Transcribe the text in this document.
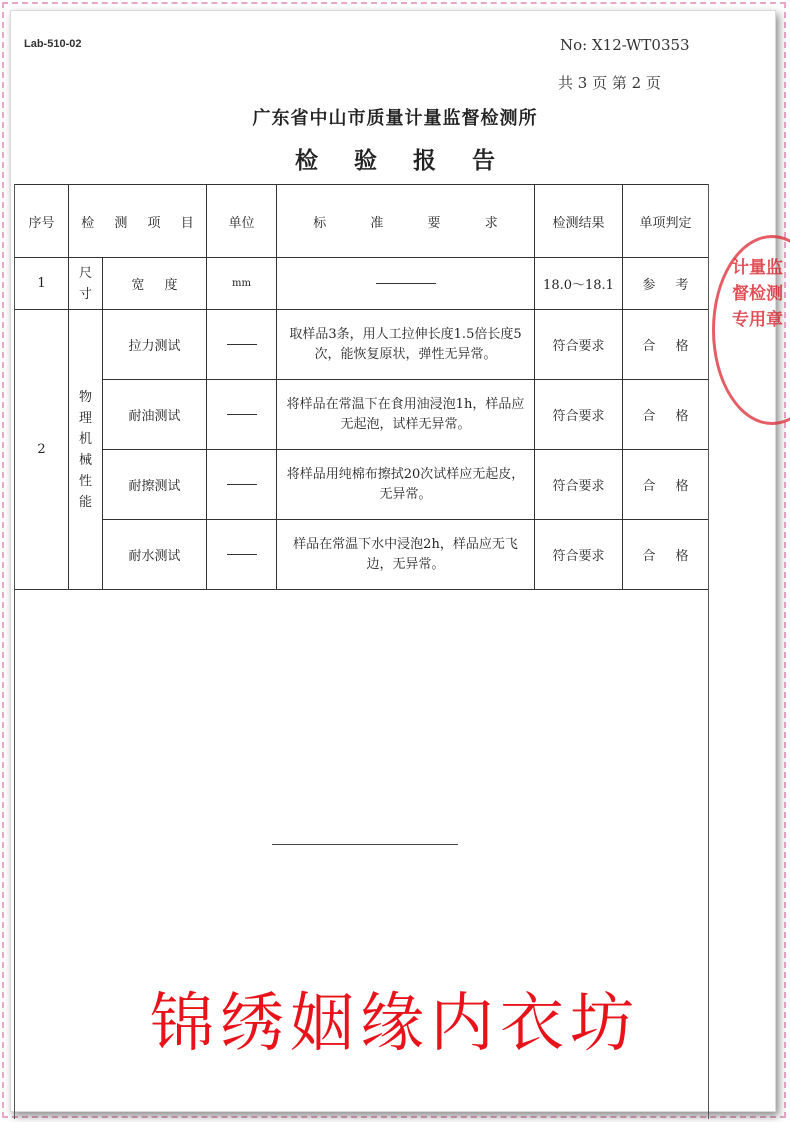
Lab-510-02	No: X12-WT0353
共 3 页 第 2 页
广东省中山市质量计量监督检测所
检 验 报 告
计量监督检测专用章
序号	检 测 项 目		单位	标 准 要 求	检测结果	单项判定
1	尺寸	宽 度	mm		18.0～18.1	参 考
2	物理机械性能	拉力测试		取样品3条，用人工拉伸长度1.5倍长度5次，能恢复原状，弹性无异常。	符合要求	合 格
		耐油测试		将样品在常温下在食用油浸泡1h，样品应无起泡，试样无异常。	符合要求	合 格
		耐擦测试		将样品用纯棉布擦拭20次试样应无起皮，无异常。	符合要求	合 格
		耐水测试		样品在常温下水中浸泡2h，样品应无飞边，无异常。	符合要求	合 格
锦绣姻缘内衣坊
